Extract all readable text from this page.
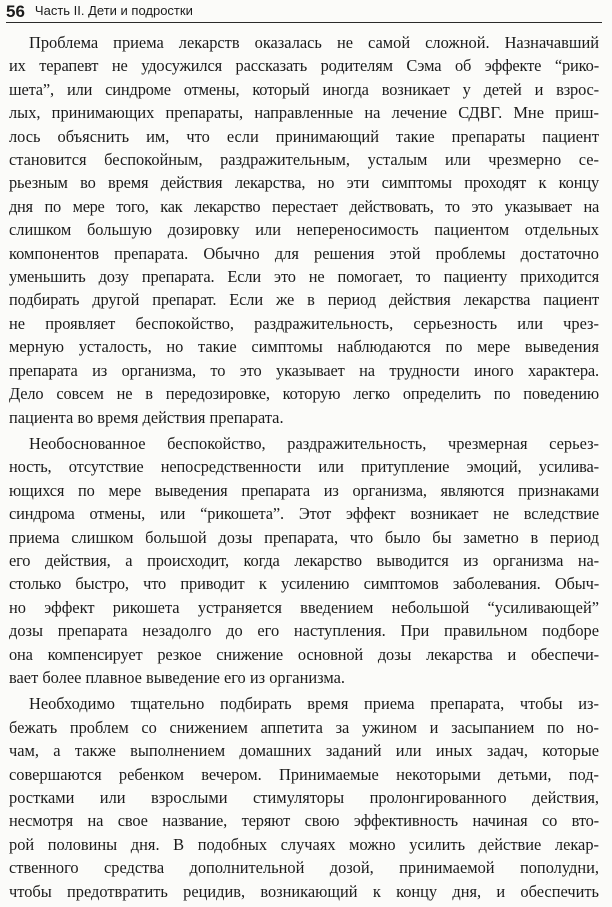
56 Часть II. Дети и подростки
Проблема приема лекарств оказалась не самой сложной. Назначавший
их терапевт не удосужился рассказать родителям Сэма об эффекте “рико-
шета”, или синдроме отмены, который иногда возникает у детей и взрос-
лых, принимающих препараты, направленные на лечение СДВГ. Мне приш-
лось объяснить им, что если принимающий такие препараты пациент
становится беспокойным, раздражительным, усталым или чрезмерно се-
рьезным во время действия лекарства, но эти симптомы проходят к концу
дня по мере того, как лекарство перестает действовать, то это указывает на
слишком большую дозировку или непереносимость пациентом отдельных
компонентов препарата. Обычно для решения этой проблемы достаточно
уменьшить дозу препарата. Если это не помогает, то пациенту приходится
подбирать другой препарат. Если же в период действия лекарства пациент
не проявляет беспокойство, раздражительность, серьезность или чрез-
мерную усталость, но такие симптомы наблюдаются по мере выведения
препарата из организма, то это указывает на трудности иного характера.
Дело совсем не в передозировке, которую легко определить по поведению
пациента во время действия препарата.
Необоснованное беспокойство, раздражительность, чрезмерная серьез-
ность, отсутствие непосредственности или притупление эмоций, усилива-
ющихся по мере выведения препарата из организма, являются признаками
синдрома отмены, или “рикошета”. Этот эффект возникает не вследствие
приема слишком большой дозы препарата, что было бы заметно в период
его действия, а происходит, когда лекарство выводится из организма на-
столько быстро, что приводит к усилению симптомов заболевания. Обыч-
но эффект рикошета устраняется введением небольшой “усиливающей”
дозы препарата незадолго до его наступления. При правильном подборе
она компенсирует резкое снижение основной дозы лекарства и обеспечи-
вает более плавное выведение его из организма.
Необходимо тщательно подбирать время приема препарата, чтобы из-
бежать проблем со снижением аппетита за ужином и засыпанием по но-
чам, а также выполнением домашних заданий или иных задач, которые
совершаются ребенком вечером. Принимаемые некоторыми детьми, под-
ростками или взрослыми стимуляторы пролонгированного действия,
несмотря на свое название, теряют свою эффективность начиная со вто-
рой половины дня. В подобных случаях можно усилить действие лекар-
ственного средства дополнительной дозой, принимаемой пополудни,
чтобы предотвратить рецидив, возникающий к концу дня, и обеспечить
